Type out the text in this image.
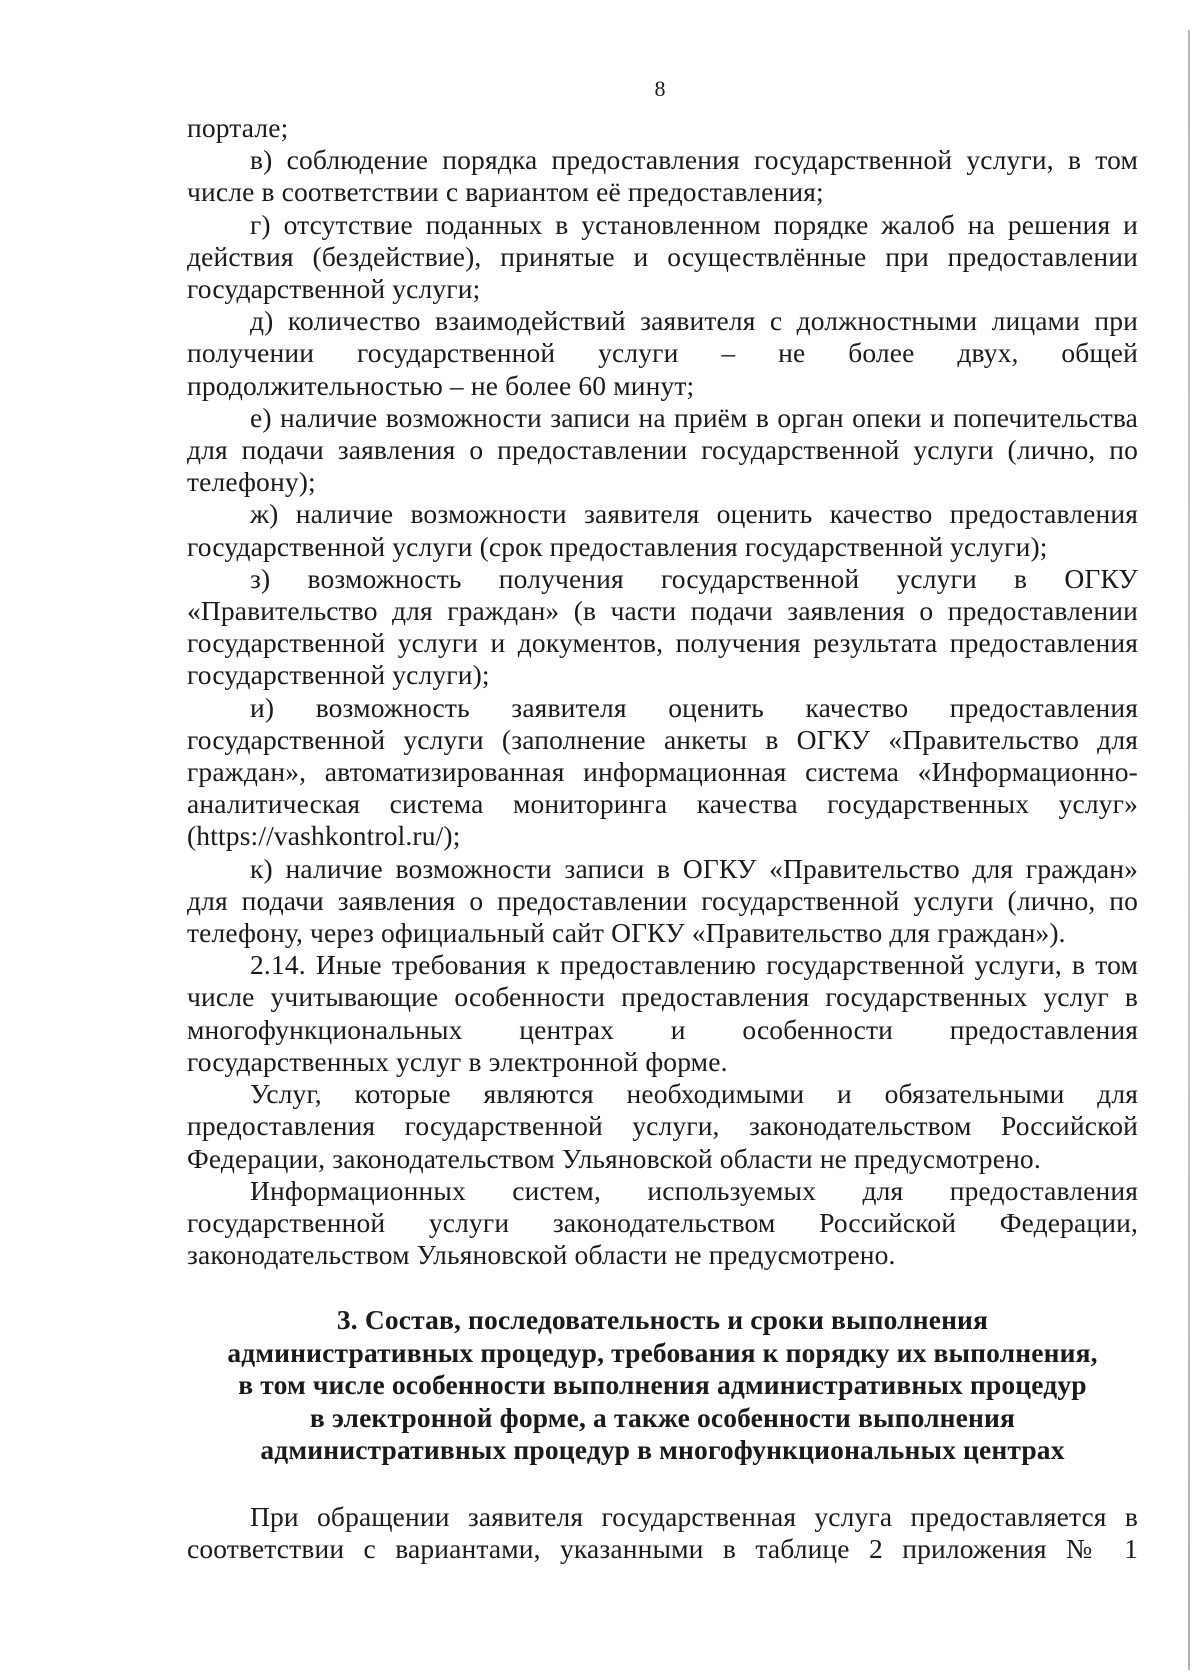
8

портале;

в) соблюдение порядка предоставления государственной услуги, в том числе в соответствии с вариантом её предоставления;

г) отсутствие поданных в установленном порядке жалоб на решения и действия (бездействие), принятые и осуществлённые при предоставлении государственной услуги;

д) количество взаимодействий заявителя с должностными лицами при получении государственной услуги – не более двух, общей продолжительностью – не более 60 минут;

е) наличие возможности записи на приём в орган опеки и попечительства для подачи заявления о предоставлении государственной услуги (лично, по телефону);

ж) наличие возможности заявителя оценить качество предоставления государственной услуги (срок предоставления государственной услуги);

з) возможность получения государственной услуги в ОГКУ «Правительство для граждан» (в части подачи заявления о предоставлении государственной услуги и документов, получения результата предоставления государственной услуги);

и) возможность заявителя оценить качество предоставления государственной услуги (заполнение анкеты в ОГКУ «Правительство для граждан», автоматизированная информационная система «Информационно-аналитическая система мониторинга качества государственных услуг» (https://vashkontrol.ru/);

к) наличие возможности записи в ОГКУ «Правительство для граждан» для подачи заявления о предоставлении государственной услуги (лично, по телефону, через официальный сайт ОГКУ «Правительство для граждан»).

2.14. Иные требования к предоставлению государственной услуги, в том числе учитывающие особенности предоставления государственных услуг в многофункциональных центрах и особенности предоставления государственных услуг в электронной форме.

Услуг, которые являются необходимыми и обязательными для предоставления государственной услуги, законодательством Российской Федерации, законодательством Ульяновской области не предусмотрено.

Информационных систем, используемых для предоставления государственной услуги законодательством Российской Федерации, законодательством Ульяновской области не предусмотрено.

3. Состав, последовательность и сроки выполнения
административных процедур, требования к порядку их выполнения,
в том числе особенности выполнения административных процедур
в электронной форме, а также особенности выполнения
административных процедур в многофункциональных центрах

При обращении заявителя государственная услуга предоставляется в соответствии с вариантами, указанными в таблице 2 приложения № 1
